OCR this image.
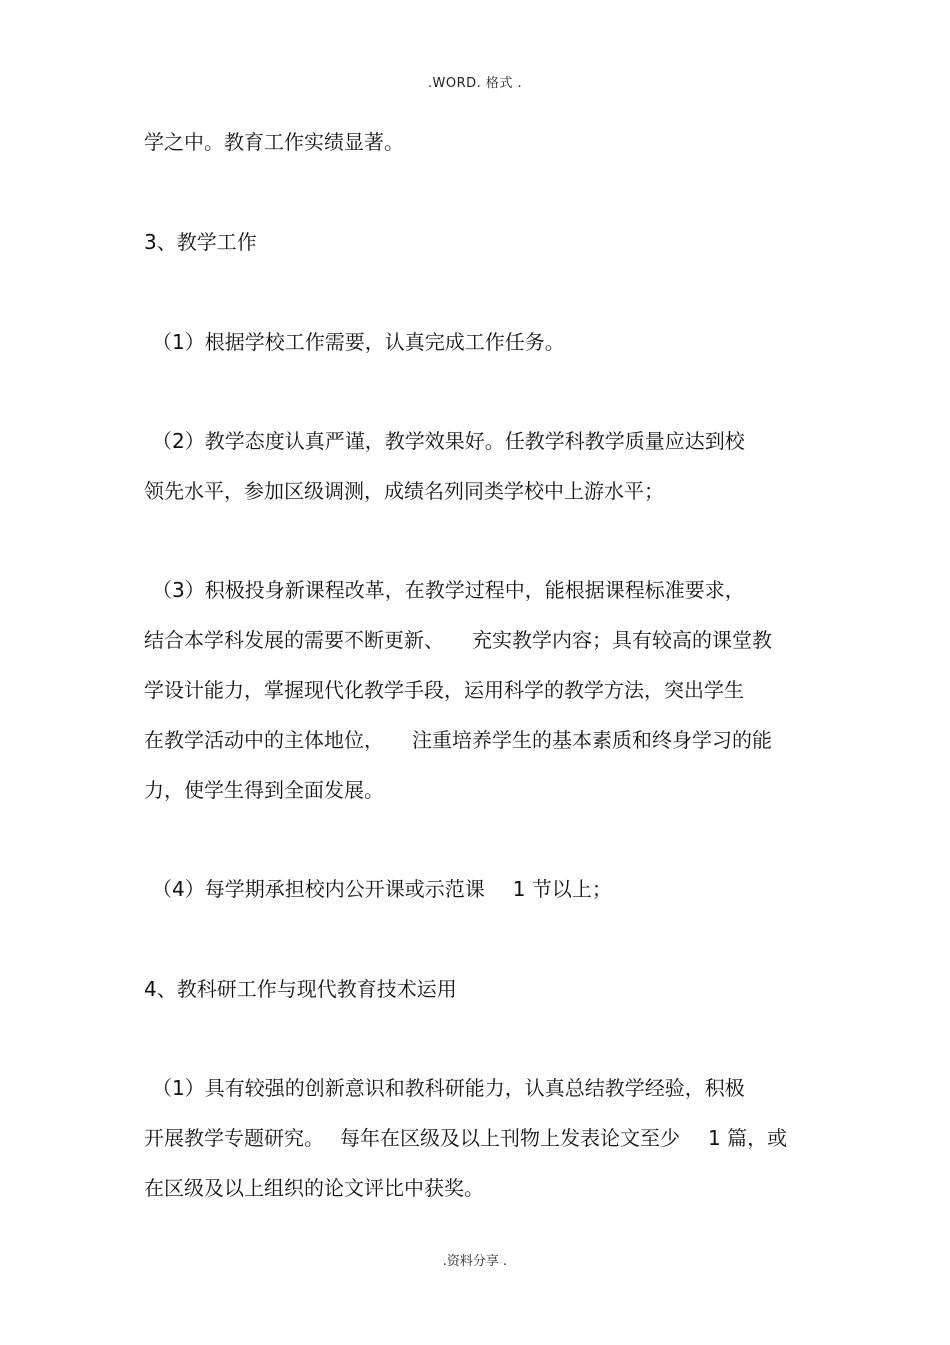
.WORD. 格式 .
学之中。教育工作实绩显著。
3、教学工作
（1）根据学校工作需要，认真完成工作任务。
（2）教学态度认真严谨，教学效果好。任教学科教学质量应达到校
领先水平，参加区级调测，成绩名列同类学校中上游水平；
（3）积极投身新课程改革，在教学过程中，能根据课程标准要求，
结合本学科发展的需要不断更新、 充实教学内容；具有较高的课堂教
学设计能力，掌握现代化教学手段，运用科学的教学方法，突出学生
在教学活动中的主体地位， 注重培养学生的基本素质和终身学习的能
力，使学生得到全面发展。
（4）每学期承担校内公开课或示范课 1 节以上；
4、教科研工作与现代教育技术运用
（1）具有较强的创新意识和教科研能力，认真总结教学经验，积极
开展教学专题研究。 每年在区级及以上刊物上发表论文至少 1 篇，或
在区级及以上组织的论文评比中获奖。
.资料分享 .
